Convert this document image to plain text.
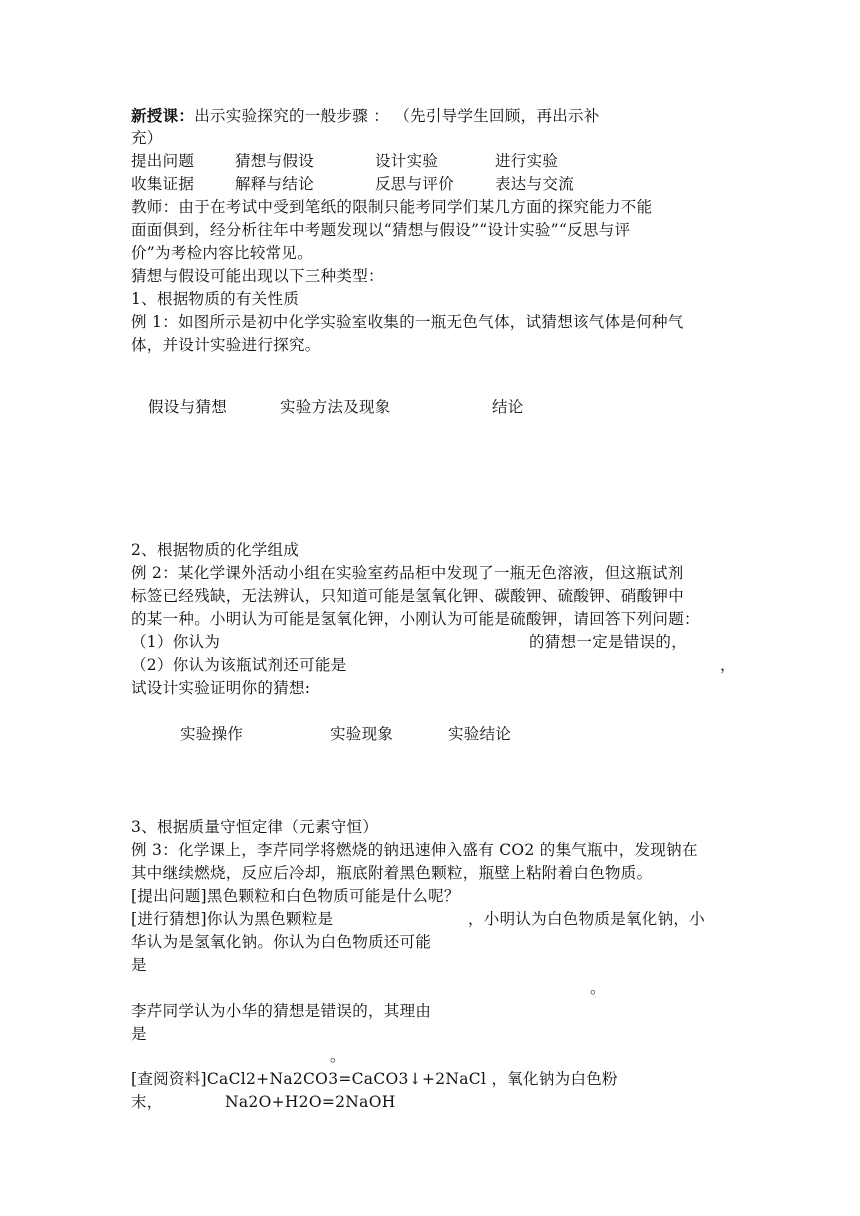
新授课：出示实验探究的一般步骤 ： （先引导学生回顾，再出示补
充）
提出问题	猜想与假设	设计实验	进行实验
收集证据	解释与结论	反思与评价	表达与交流
教师：由于在考试中受到笔纸的限制只能考同学们某几方面的探究能力不能
面面俱到，经分析往年中考题发现以“猜想与假设”“设计实验”“反思与评
价”为考检内容比较常见。
猜想与假设可能出现以下三种类型：
1、根据物质的有关性质
例 1：如图所示是初中化学实验室收集的一瓶无色气体，试猜想该气体是何种气
体，并设计实验进行探究。
假设与猜想	实验方法及现象	结论
2、根据物质的化学组成
例 2：某化学课外活动小组在实验室药品柜中发现了一瓶无色溶液，但这瓶试剂
标签已经残缺，无法辨认，只知道可能是氢氧化钾、碳酸钾、硫酸钾、硝酸钾中
的某一种。小明认为可能是氢氧化钾，小刚认为可能是硫酸钾，请回答下列问题：
（1）你认为	的猜想一定是错误的，
（2）你认为该瓶试剂还可能是	，
试设计实验证明你的猜想:
实验操作	实验现象	实验结论
3、根据质量守恒定律（元素守恒）
例 3：化学课上，李芹同学将燃烧的钠迅速伸入盛有 CO2 的集气瓶中，发现钠在
其中继续燃烧，反应后冷却，瓶底附着黑色颗粒，瓶壁上粘附着白色物质。
[提出问题]黑色颗粒和白色物质可能是什么呢？
[进行猜想]你认为黑色颗粒是	，小明认为白色物质是氧化钠，小
华认为是氢氧化钠。你认为白色物质还可能
是
。
李芹同学认为小华的猜想是错误的，其理由
是
。
[查阅资料]CaCl2+Na2CO3=CaCO3↓+2NaCl ，氧化钠为白色粉
末，	Na2O+H2O=2NaOH
